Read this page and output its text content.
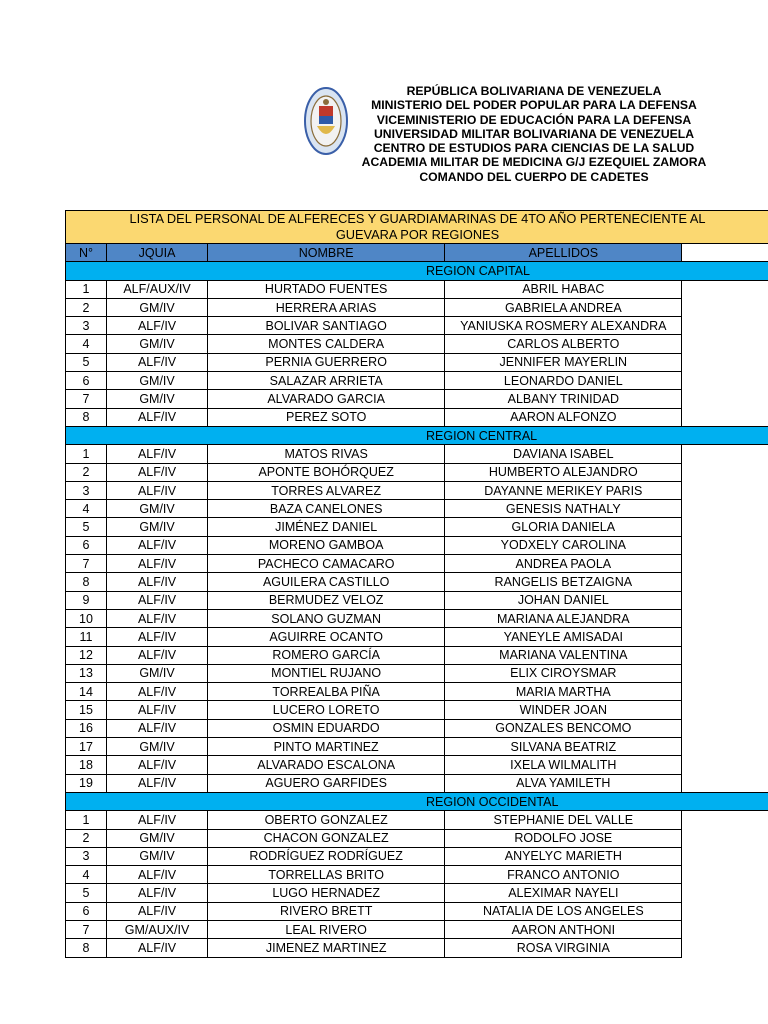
REPÚBLICA BOLIVARIANA DE VENEZUELA
MINISTERIO DEL PODER POPULAR PARA LA DEFENSA
VICEMINISTERIO DE EDUCACIÓN PARA LA DEFENSA
UNIVERSIDAD MILITAR BOLIVARIANA DE VENEZUELA
CENTRO DE ESTUDIOS PARA CIENCIAS DE LA SALUD
ACADEMIA MILITAR DE MEDICINA G/J EZEQUIEL ZAMORA
COMANDO DEL CUERPO DE CADETES
LISTA DEL PERSONAL DE ALFERECES Y GUARDIAMARINAS DE 4TO AÑO PERTENECIENTE AL
GUEVARA POR REGIONES				

N°	JQUIA	NOMBRE	APELLIDOS	
REGION CAPITAL				
1	ALF/AUX/IV	HURTADO FUENTES	ABRIL HABAC	
2	GM/IV	HERRERA ARIAS	GABRIELA ANDREA	
3	ALF/IV	BOLIVAR SANTIAGO	YANIUSKA ROSMERY ALEXANDRA	
4	GM/IV	MONTES CALDERA	CARLOS ALBERTO	
5	ALF/IV	PERNIA GUERRERO	JENNIFER MAYERLIN	
6	GM/IV	SALAZAR ARRIETA	LEONARDO DANIEL	
7	GM/IV	ALVARADO GARCIA	ALBANY TRINIDAD	
8	ALF/IV	PEREZ SOTO	AARON ALFONZO	
REGION CENTRAL				
1	ALF/IV	MATOS RIVAS	DAVIANA ISABEL	
2	ALF/IV	APONTE BOHÓRQUEZ	HUMBERTO ALEJANDRO	
3	ALF/IV	TORRES ALVAREZ	DAYANNE MERIKEY PARIS	
4	GM/IV	BAZA CANELONES	GENESIS NATHALY	
5	GM/IV	JIMÉNEZ DANIEL	GLORIA DANIELA	
6	ALF/IV	MORENO GAMBOA	YODXELY CAROLINA	
7	ALF/IV	PACHECO CAMACARO	ANDREA PAOLA	
8	ALF/IV	AGUILERA CASTILLO	RANGELIS BETZAIGNA	
9	ALF/IV	BERMUDEZ VELOZ	JOHAN DANIEL	
10	ALF/IV	SOLANO GUZMAN	MARIANA ALEJANDRA	
11	ALF/IV	AGUIRRE OCANTO	YANEYLE AMISADAI	
12	ALF/IV	ROMERO GARCÍA	MARIANA VALENTINA	
13	GM/IV	MONTIEL RUJANO	ELIX CIROYSMAR	
14	ALF/IV	TORREALBA PIÑA	MARIA MARTHA	
15	ALF/IV	LUCERO LORETO	WINDER JOAN	
16	ALF/IV	OSMIN EDUARDO	GONZALES BENCOMO	
17	GM/IV	PINTO MARTINEZ	SILVANA BEATRIZ	
18	ALF/IV	ALVARADO ESCALONA	IXELA WILMALITH	
19	ALF/IV	AGUERO GARFIDES	ALVA YAMILETH	
REGION OCCIDENTAL				
1	ALF/IV	OBERTO GONZALEZ	STEPHANIE DEL VALLE	
2	GM/IV	CHACON GONZALEZ	RODOLFO JOSE	
3	GM/IV	RODRÍGUEZ RODRÍGUEZ	ANYELYC MARIETH	
4	ALF/IV	TORRELLAS BRITO	FRANCO ANTONIO	
5	ALF/IV	LUGO HERNADEZ	ALEXIMAR NAYELI	
6	ALF/IV	RIVERO BRETT	NATALIA DE LOS ANGELES	
7	GM/AUX/IV	LEAL RIVERO	AARON ANTHONI	
8	ALF/IV	JIMENEZ MARTINEZ	ROSA VIRGINIA	
